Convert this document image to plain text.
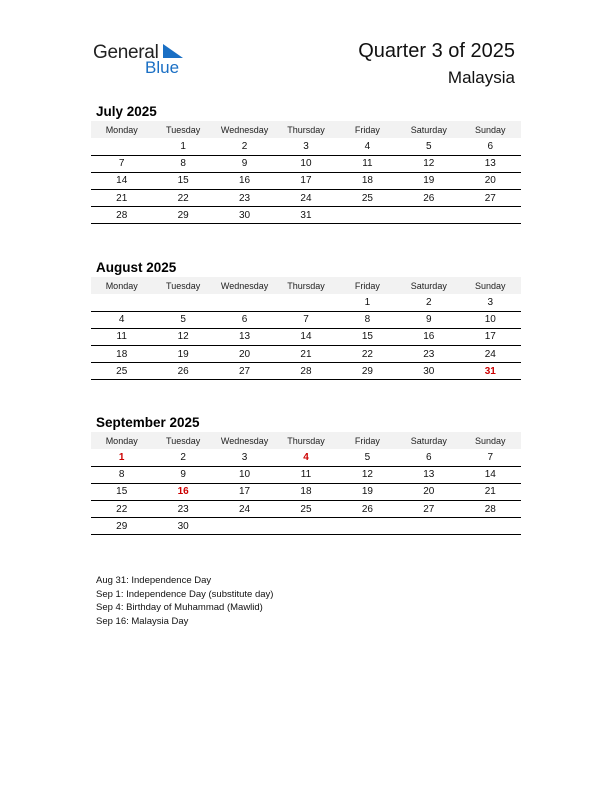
General
Blue
Quarter 3 of 2025
Malaysia
July 2025
Monday	Tuesday	Wednesday	Thursday	Friday	Saturday	Sunday
	1	2	3	4	5	6
7	8	9	10	11	12	13
14	15	16	17	18	19	20
21	22	23	24	25	26	27
28	29	30	31			
August 2025
Monday	Tuesday	Wednesday	Thursday	Friday	Saturday	Sunday
				1	2	3
4	5	6	7	8	9	10
11	12	13	14	15	16	17
18	19	20	21	22	23	24
25	26	27	28	29	30	31
September 2025
Monday	Tuesday	Wednesday	Thursday	Friday	Saturday	Sunday
1	2	3	4	5	6	7
8	9	10	11	12	13	14
15	16	17	18	19	20	21
22	23	24	25	26	27	28
29	30					
Aug 31: Independence Day
Sep 1: Independence Day (substitute day)
Sep 4: Birthday of Muhammad (Mawlid)
Sep 16: Malaysia Day
